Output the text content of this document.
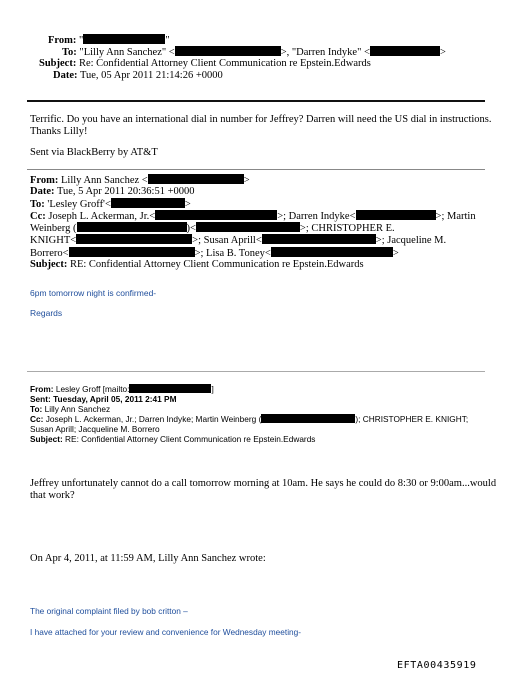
From: "	"
To: "Lilly Ann Sanchez" <	>, "Darren Indyke" <	>
Subject: Re: Confidential Attorney Client Communication re Epstein.Edwards
Date: Tue, 05 Apr 2011 21:14:26 +0000

Terrific. Do you have an international dial in number for Jeffrey? Darren will need the US dial in instructions.

Thanks Lilly!

Sent via BlackBerry by AT&T

From: Lilly Ann Sanchez <	>
Date: Tue, 5 Apr 2011 20:36:51 +0000
To: 'Lesley Groff'<	>
Cc: Joseph L. Ackerman, Jr.<	>; Darren Indyke<	>; Martin
Weinberg (	)<	>; CHRISTOPHER E.
KNIGHT<	>; Susan Aprill<	>; Jacqueline M.
Borrero<	>; Lisa B. Toney<	>
Subject: RE: Confidential Attorney Client Communication re Epstein.Edwards
6pm tomorrow night is confirmed-
Regards
From: Lesley Groff [mailto:	]
Sent: Tuesday, April 05, 2011 2:41 PM
To: Lilly Ann Sanchez
Cc: Joseph L. Ackerman, Jr.; Darren Indyke; Martin Weinberg (	); CHRISTOPHER E. KNIGHT;
Susan Aprill; Jacqueline M. Borrero
Subject: RE: Confidential Attorney Client Communication re Epstein.Edwards

Jeffrey unfortunately cannot do a call tomorrow morning at 10am. He says he could do 8:30 or 9:00am...would

that work?

On Apr 4, 2011, at 11:59 AM, Lilly Ann Sanchez wrote:
The original complaint filed by bob critton –
I have attached for your review and convenience for Wednesday meeting-
EFTA00435919
